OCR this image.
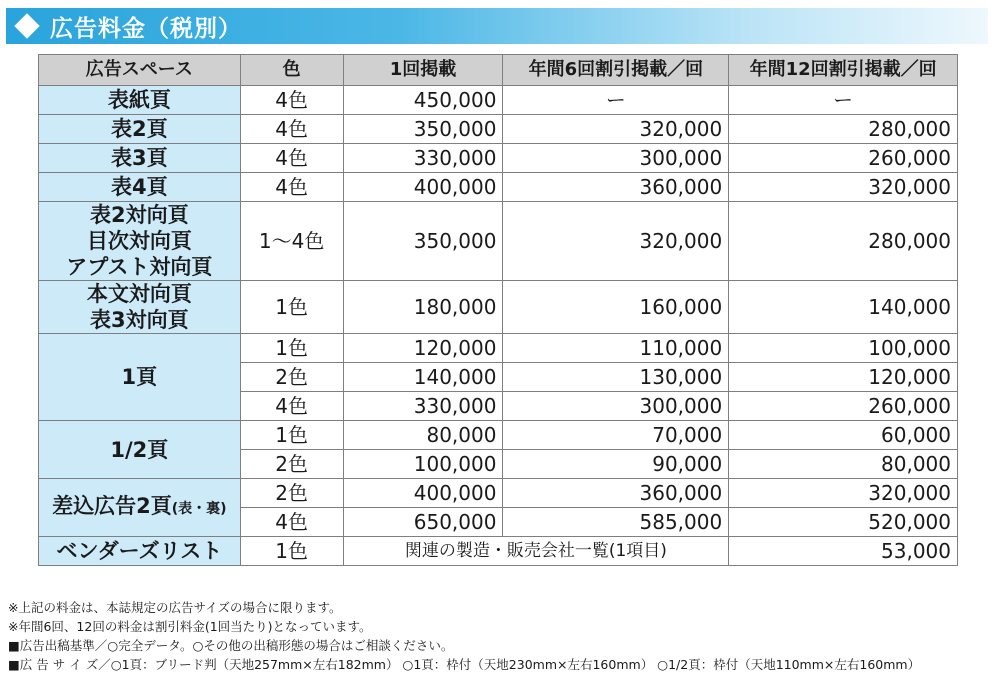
広告料金（税別）
広告スペース	色	1回掲載	年間6回割引掲載／回	年間12回割引掲載／回
表紙頁	4色	450,000	ー	ー
表2頁	4色	350,000	320,000	280,000
表3頁	4色	330,000	300,000	260,000
表4頁	4色	400,000	360,000	320,000

表2対向頁
目次対向頁
アプスト対向頁	1〜4色	350,000	320,000	280,000

本文対向頁
表3対向頁	1色	180,000	160,000	140,000
1頁	1色	120,000	110,000	100,000
	2色	140,000	130,000	120,000
	4色	330,000	300,000	260,000
1/2頁	1色	80,000	70,000	60,000
	2色	100,000	90,000	80,000
差込広告2頁(表・裏)	2色	400,000	360,000	320,000
	4色	650,000	585,000	520,000
ベンダーズリスト	1色	関連の製造・販売会社一覧(1項目)		53,000
※上記の料金は、本誌規定の広告サイズの場合に限ります。
※年間6回、12回の料金は割引料金(1回当たり)となっています。
■広告出稿基準／○完全データ。○その他の出稿形態の場合はご相談ください。
■広 告 サ イ ズ／○1頁：ブリード判（天地257mm×左右182mm） ○1頁：枠付（天地230mm×左右160mm） ○1/2頁：枠付（天地110mm×左右160mm）
